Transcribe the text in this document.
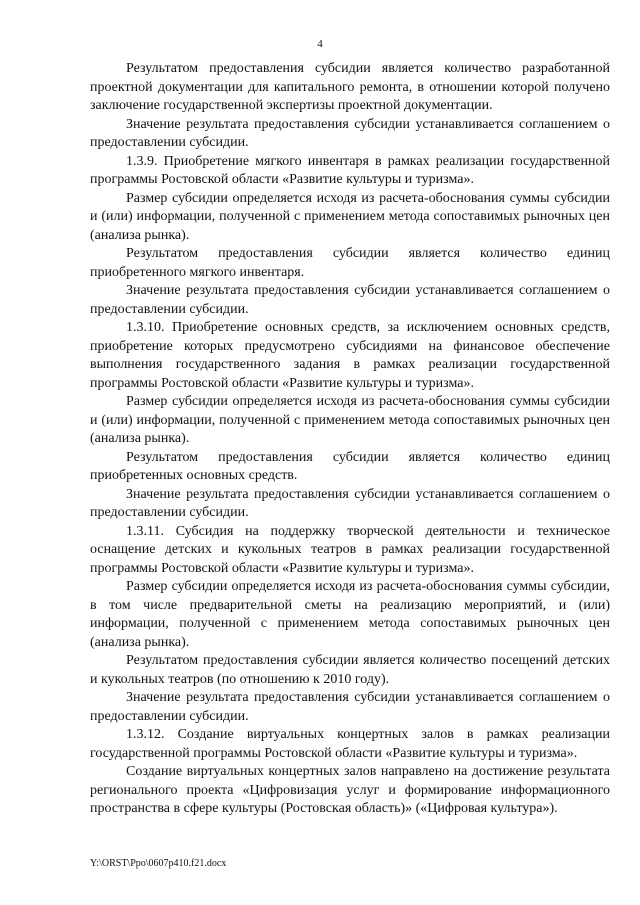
4

Результатом предоставления субсидии является количество разработанной проектной документации для капитального ремонта, в отношении которой получено заключение государственной экспертизы проектной документации.

Значение результата предоставления субсидии устанавливается соглашением о предоставлении субсидии.

1.3.9. Приобретение мягкого инвентаря в рамках реализации государственной программы Ростовской области «Развитие культуры и туризма».

Размер субсидии определяется исходя из расчета-обоснования суммы субсидии и (или) информации, полученной с применением метода сопоставимых рыночных цен (анализа рынка).

Результатом предоставления субсидии является количество единиц приобретенного мягкого инвентаря.

Значение результата предоставления субсидии устанавливается соглашением о предоставлении субсидии.

1.3.10. Приобретение основных средств, за исключением основных средств, приобретение которых предусмотрено субсидиями на финансовое обеспечение выполнения государственного задания в рамках реализации государственной программы Ростовской области «Развитие культуры и туризма».

Размер субсидии определяется исходя из расчета-обоснования суммы субсидии и (или) информации, полученной с применением метода сопоставимых рыночных цен (анализа рынка).

Результатом предоставления субсидии является количество единиц приобретенных основных средств.

Значение результата предоставления субсидии устанавливается соглашением о предоставлении субсидии.

1.3.11. Субсидия на поддержку творческой деятельности и техническое оснащение детских и кукольных театров в рамках реализации государственной программы Ростовской области «Развитие культуры и туризма».

Размер субсидии определяется исходя из расчета-обоснования суммы субсидии, в том числе предварительной сметы на реализацию мероприятий, и (или) информации, полученной с применением метода сопоставимых рыночных цен (анализа рынка).

Результатом предоставления субсидии является количество посещений детских и кукольных театров (по отношению к 2010 году).

Значение результата предоставления субсидии устанавливается соглашением о предоставлении субсидии.

1.3.12. Создание виртуальных концертных залов в рамках реализации государственной программы Ростовской области «Развитие культуры и туризма».

Создание виртуальных концертных залов направлено на достижение результата регионального проекта «Цифровизация услуг и формирование информационного пространства в сфере культуры (Ростовская область)» («Цифровая культура»).

Y:\ORST\Ppo\0607p410.f21.docx
